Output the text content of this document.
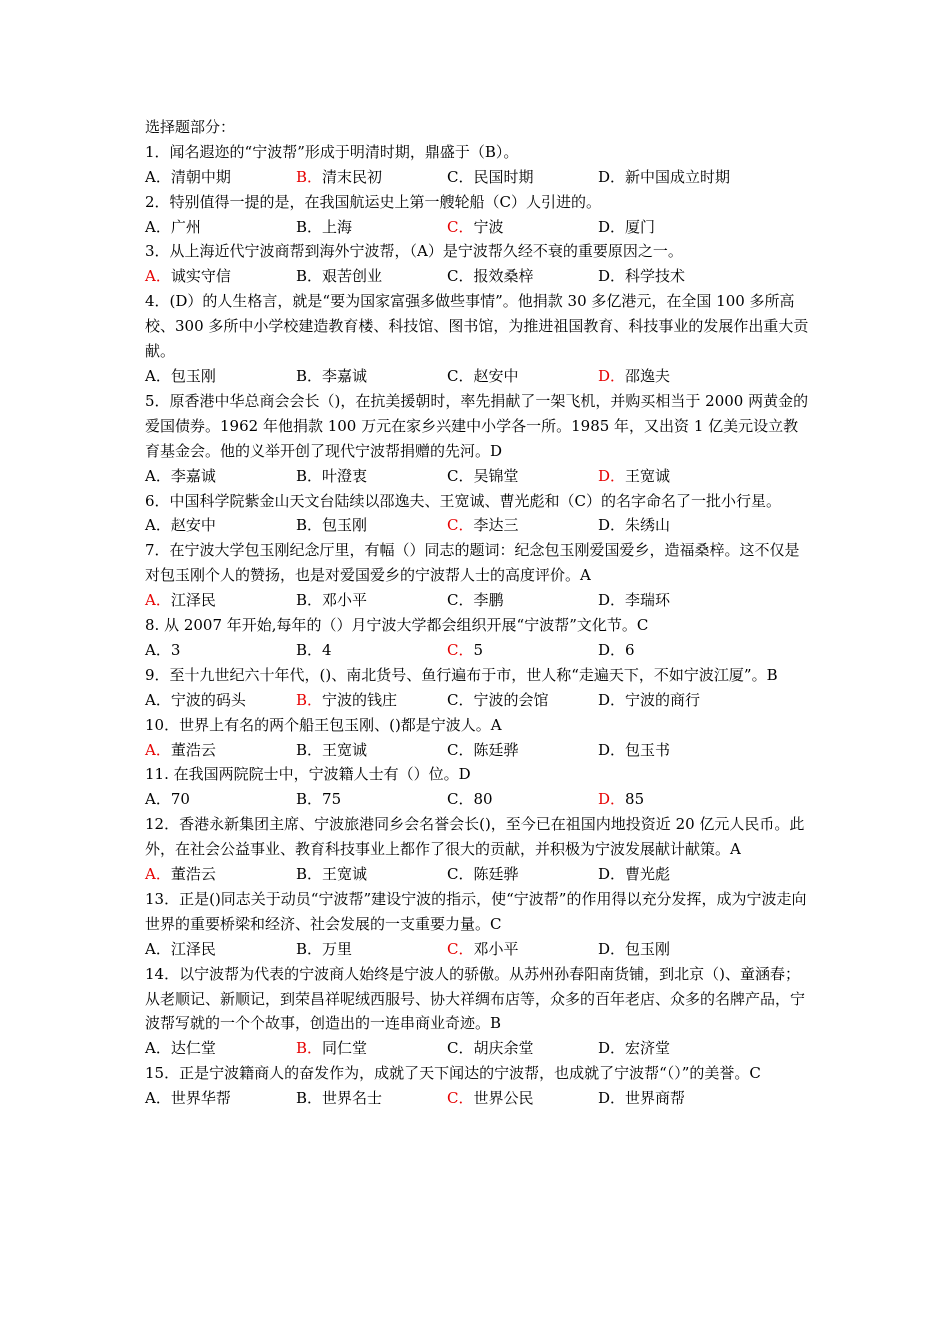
选择题部分：
1．闻名遐迩的“宁波帮”形成于明清时期，鼎盛于（B）。
A．清朝中期	B．清末民初	C．民国时期	D．新中国成立时期
2．特别值得一提的是，在我国航运史上第一艘轮船（C）人引进的。
A．广州	B．上海	C．宁波	D．厦门
3．从上海近代宁波商帮到海外宁波帮，（A）是宁波帮久经不衰的重要原因之一。
A．诚实守信	B．艰苦创业	C．报效桑梓	D．科学技术
4．(D）的人生格言，就是“要为国家富强多做些事情”。他捐款 30 多亿港元，在全国 100 多所高校、300 多所中小学校建造教育楼、科技馆、图书馆，为推进祖国教育、科技事业的发展作出重大贡献。
A．包玉刚	B．李嘉诚	C．赵安中	D．邵逸夫
5．原香港中华总商会会长（)，在抗美援朝时，率先捐献了一架飞机，并购买相当于 2000 两黄金的爱国债券。1962 年他捐款 100 万元在家乡兴建中小学各一所。1985 年，又出资 1 亿美元设立教育基金会。他的义举开创了现代宁波帮捐赠的先河。D
A．李嘉诚	B．叶澄衷	C．吴锦堂	D．王宽诚
6．中国科学院紫金山天文台陆续以邵逸夫、王宽诚、曹光彪和（C）的名字命名了一批小行星。
A．赵安中	B．包玉刚	C．李达三	D．朱绣山
7．在宁波大学包玉刚纪念厅里，有幅（）同志的题词：纪念包玉刚爱国爱乡，造福桑梓。这不仅是对包玉刚个人的赞扬，也是对爱国爱乡的宁波帮人士的高度评价。A
A．江泽民	B．邓小平	C．李鹏	D．李瑞环
8. 从 2007 年开始,每年的（）月宁波大学都会组织开展“宁波帮”文化节。C
A．3	B．4	C．5	D．6
9．至十九世纪六十年代，()、南北货号、鱼行遍布于市，世人称“走遍天下，不如宁波江厦”。B
A．宁波的码头	B．宁波的钱庄	C．宁波的会馆	D．宁波的商行
10．世界上有名的两个船王包玉刚、()都是宁波人。A
A．董浩云	B．王宽诚	C．陈廷骅	D．包玉书
11. 在我国两院院士中，宁波籍人士有（）位。D
A．70	B．75	C．80	D．85
12．香港永新集团主席、宁波旅港同乡会名誉会长()，至今已在祖国内地投资近 20 亿元人民币。此外，在社会公益事业、教育科技事业上都作了很大的贡献，并积极为宁波发展献计献策。A
A．董浩云	B．王宽诚	C．陈廷骅	D．曹光彪
13．正是()同志关于动员“宁波帮”建设宁波的指示，使“宁波帮”的作用得以充分发挥，成为宁波走向世界的重要桥梁和经济、社会发展的一支重要力量。C
A．江泽民	B．万里	C．邓小平	D．包玉刚
14．以宁波帮为代表的宁波商人始终是宁波人的骄傲。从苏州孙春阳南货铺，到北京（)、童涵春；从老顺记、新顺记，到荣昌祥呢绒西服号、协大祥绸布店等，众多的百年老店、众多的名牌产品，宁波帮写就的一个个故事，创造出的一连串商业奇迹。B
A．达仁堂	B．同仁堂	C．胡庆余堂	D．宏济堂
15．正是宁波籍商人的奋发作为，成就了天下闻达的宁波帮，也成就了宁波帮“（）”的美誉。C
A．世界华帮	B．世界名士	C．世界公民	D．世界商帮
